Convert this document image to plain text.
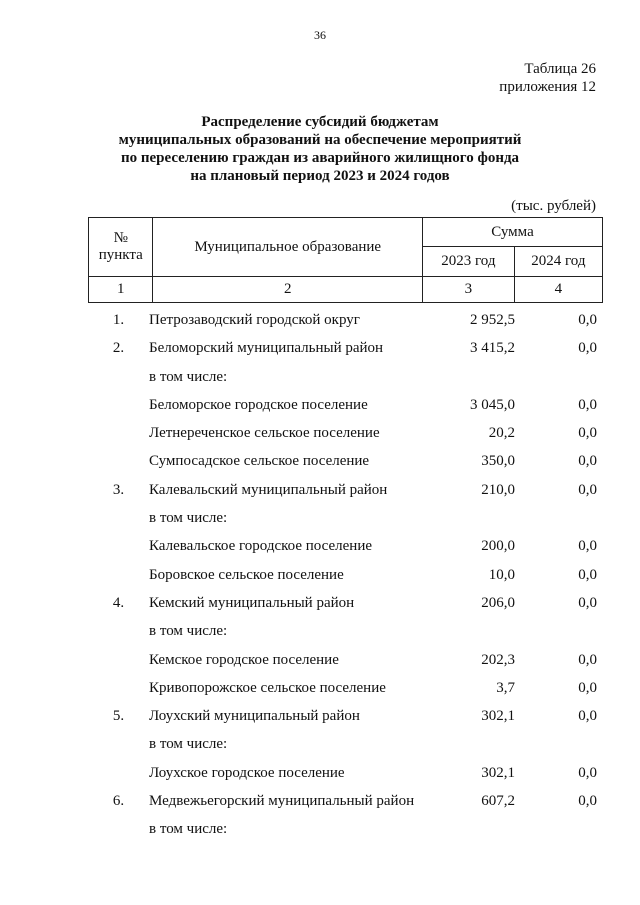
36
Таблица 26
приложения 12
Распределение субсидий бюджетам
муниципальных образований на обеспечение мероприятий
по переселению граждан из аварийного жилищного фонда
на плановый период 2023 и 2024 годов
(тыс. рублей)
№
пункта	Муниципальное образование	Сумма	
		2023 год	2024 год
1	2	3	4
1.	Петрозаводский городской округ	2 952,5	0,0
2.	Беломорский муниципальный район	3 415,2	0,0
в том числе:
Беломорское городское поселение	3 045,0	0,0
Летнереченское сельское поселение	20,2	0,0
Сумпосадское сельское поселение	350,0	0,0
3.	Калевальский муниципальный район	210,0	0,0
в том числе:
Калевальское городское поселение	200,0	0,0
Боровское сельское поселение	10,0	0,0
4.	Кемский муниципальный район	206,0	0,0
в том числе:
Кемское городское поселение	202,3	0,0
Кривопорожское сельское поселение	3,7	0,0
5.	Лоухский муниципальный район	302,1	0,0
в том числе:
Лоухское городское поселение	302,1	0,0
6.	Медвежьегорский муниципальный район	607,2	0,0
в том числе:
